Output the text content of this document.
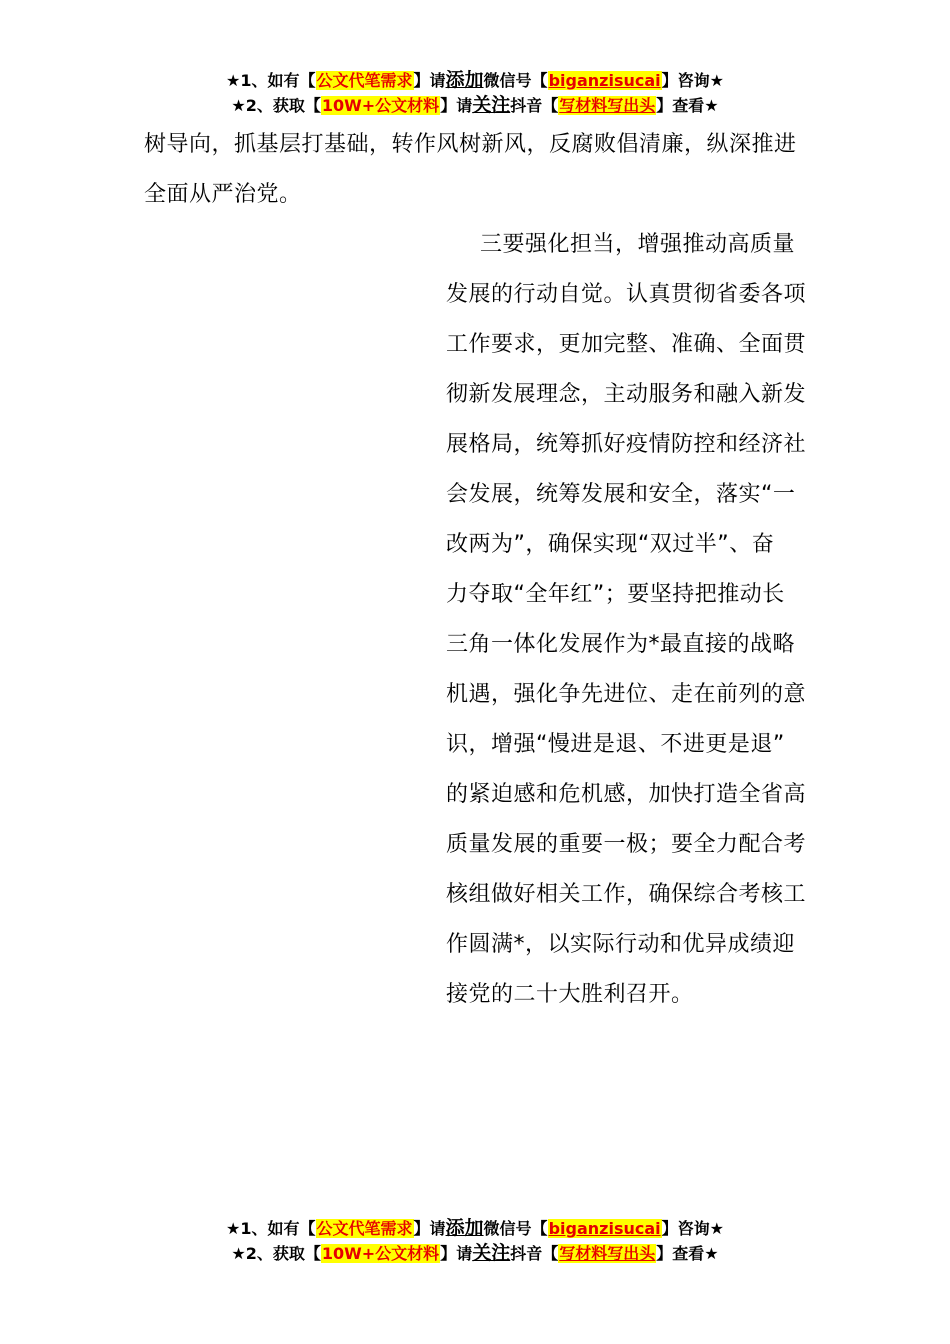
★1、如有【公文代笔需求】请添加微信号【biganzisucai】咨询★
★2、获取【10W+公文材料】请关注抖音【写材料写出头】查看★
树导向，抓基层打基础，转作风树新风，反腐败倡清廉，纵深推进
全面从严治党。
三要强化担当，增强推动高质量
发展的行动自觉。认真贯彻省委各项
工作要求，更加完整、准确、全面贯
彻新发展理念，主动服务和融入新发
展格局，统筹抓好疫情防控和经济社
会发展，统筹发展和安全，落实“一
改两为”，确保实现“双过半”、奋
力夺取“全年红”；要坚持把推动长
三角一体化发展作为*最直接的战略
机遇，强化争先进位、走在前列的意
识，增强“慢进是退、不进更是退”
的紧迫感和危机感，加快打造全省高
质量发展的重要一极；要全力配合考
核组做好相关工作，确保综合考核工
作圆满*，以实际行动和优异成绩迎
接党的二十大胜利召开。
★1、如有【公文代笔需求】请添加微信号【biganzisucai】咨询★
★2、获取【10W+公文材料】请关注抖音【写材料写出头】查看★
